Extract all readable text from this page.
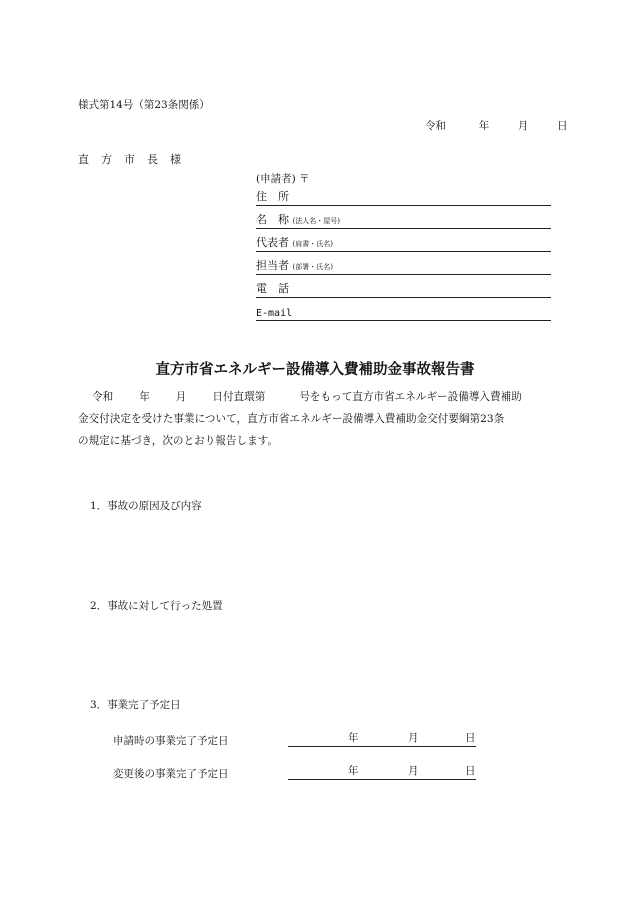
様式第14号（第23条関係）
令和	年	月	日
直方市長様
(申請者) 〒
住　所
名　称 (法人名・屋号)
代表者 (肩書・氏名)
担当者 (部署・氏名)
電　話
E-mail
直方市省エネルギー設備導入費補助金事故報告書
令和 年 月 日付直環第	号をもって直方市省エネルギー設備導入費補助
金交付決定を受けた事業について，直方市省エネルギー設備導入費補助金交付要綱第23条
の規定に基づき，次のとおり報告します。
1．事故の原因及び内容
2．事故に対して行った処置
3．事業完了予定日
申請時の事業完了予定日	年	月	日
変更後の事業完了予定日	年	月	日
